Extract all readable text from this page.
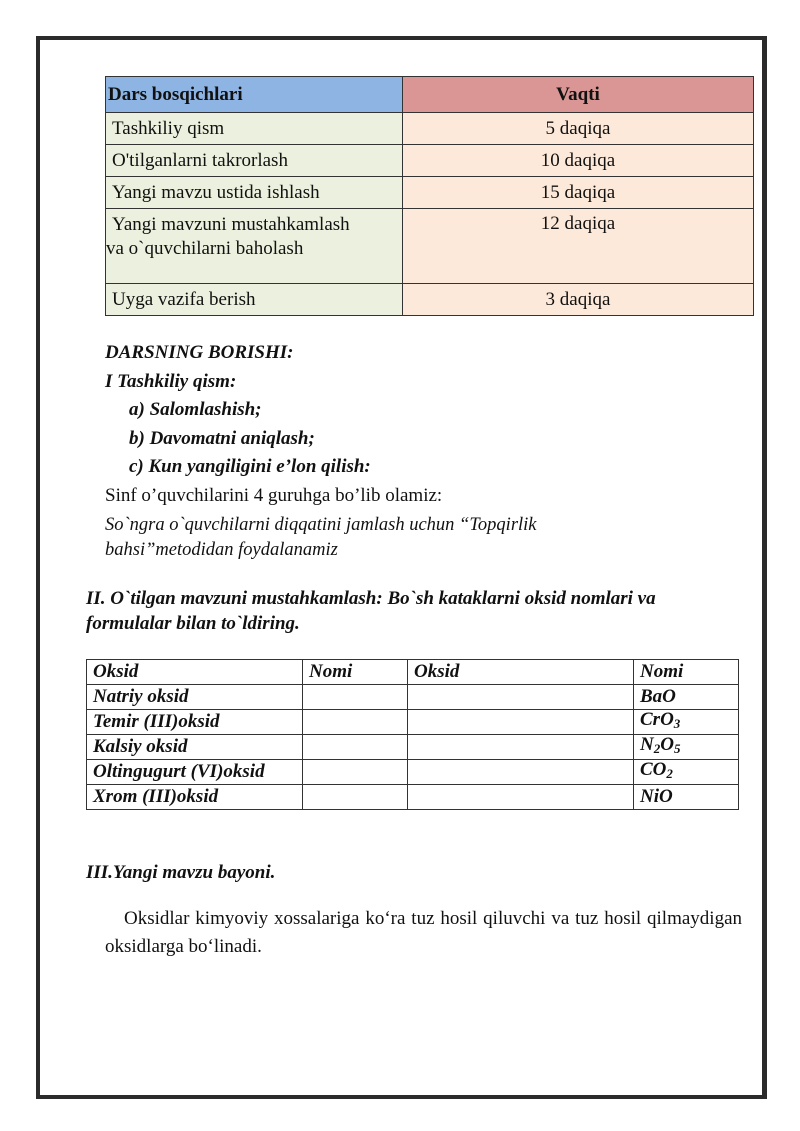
Dars bosqichlari	Vaqti
Tashkiliy qism	5 daqiqa
O'tilganlarni takrorlash	10 daqiqa
Yangi mavzu ustida ishlash	15 daqiqa

Yangi mavzuni mustahkamlash
va o`quvchilarni baholash	12 daqiqa
Uyga vazifa berish	3 daqiqa

DARSNING BORISHI:

I Tashkiliy qism:

a) Salomlashish;

b) Davomatni aniqlash;

c) Kun yangiligini e’lon qilish:

Sinf o’quvchilarini 4 guruhga bo’lib olamiz:

So`ngra o`quvchilarni diqqatini jamlash uchun “Topqirlik

bahsi”metodidan foydalanamiz

II. O`tilgan mavzuni mustahkamlash: Bo`sh kataklarni oksid nomlari va

formulalar bilan to`ldiring.

Oksid	Nomi	Oksid	Nomi
Natriy oksid			BaO
Temir (III)oksid			CrO$_3$
Kalsiy oksid			$N_2O_5$
Oltingugurt (VI)oksid			$CO_2$
Xrom (III)oksid			NiO

III.Yangi mavzu bayoni.

Oksidlar kimyoviy xossalariga ko‘ra tuz hosil qiluvchi va tuz hosil qilmaydigan oksidlarga bo‘linadi.
